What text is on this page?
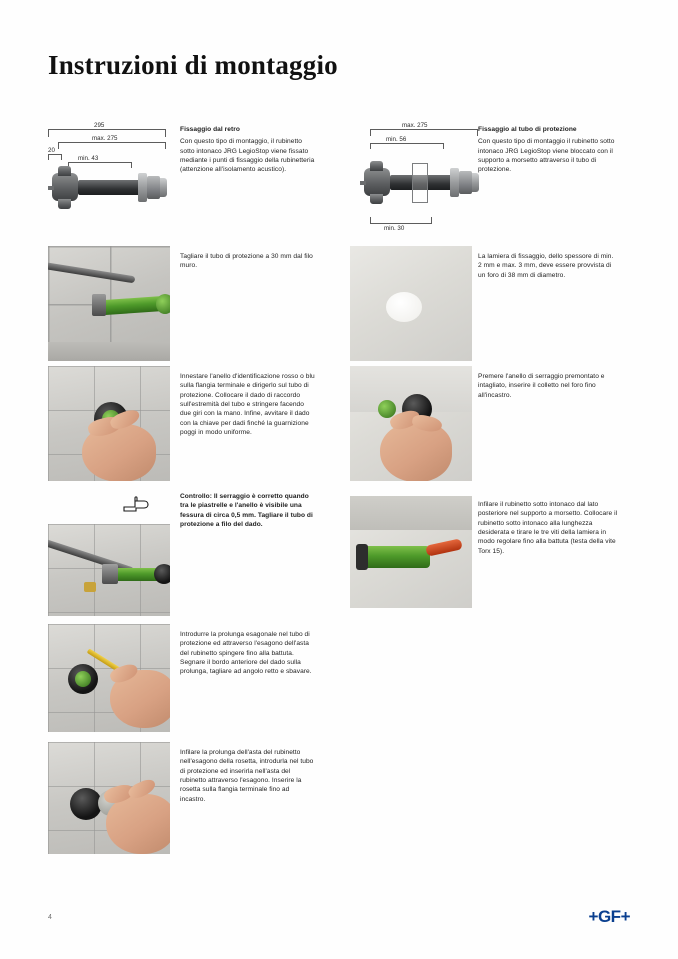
Instruzioni di montaggio
295
max. 275
20
min. 43
Fissaggio dal retro
Con questo tipo di montaggio, il rubinetto sotto intonaco JRG LegioStop viene fissato mediante i punti di fissaggio della rubinetteria (attenzione all'isolamento acustico).
max. 275
min. 56
min. 30
Fissaggio al tubo di protezione
Con questo tipo di montaggio il rubinetto sotto intonaco JRG LegioStop viene bloccato con il supporto a morsetto attraverso il tubo di protezione.
Tagliare il tubo di protezione a 30 mm dal filo muro.
La lamiera di fissaggio, dello spessore di min. 2 mm e max. 3 mm, deve essere provvista di un foro di 38 mm di diametro.
Innestare l'anello d'identificazione rosso o blu sulla flangia terminale e dirigerlo sul tubo di protezione. Collocare il dado di raccordo sull'estremità del tubo e stringere facendo due giri con la mano. Infine, avvitare il dado con la chiave per dadi finché la guarnizione poggi in modo uniforme.
Premere l'anello di serraggio premontato e intagliato, inserire il colletto nel foro fino all'incastro.
Controllo: Il serraggio è corretto quando tra le piastrelle e l'anello è visibile una fessura di circa 0,5 mm. Tagliare il tubo di protezione a filo del dado.
Infilare il rubinetto sotto intonaco dal lato posteriore nel supporto a morsetto. Collocare il rubinetto sotto intonaco alla lunghezza desiderata e tirare le tre viti della lamiera in modo regolare fino alla battuta (testa della vite Torx 15).
Introdurre la prolunga esagonale nel tubo di protezione ed attraverso l'esagono dell'asta del rubinetto spingere fino alla battuta. Segnare il bordo anteriore del dado sulla prolunga, tagliare ad angolo retto e sbavare.
Infilare la prolunga dell'asta del rubinetto nell'esagono della rosetta, introdurla nel tubo di protezione ed inserirla nell'asta del rubinetto attraverso l'esagono. Inserire la rosetta sulla flangia terminale fino ad incastro.
4	+GF+
